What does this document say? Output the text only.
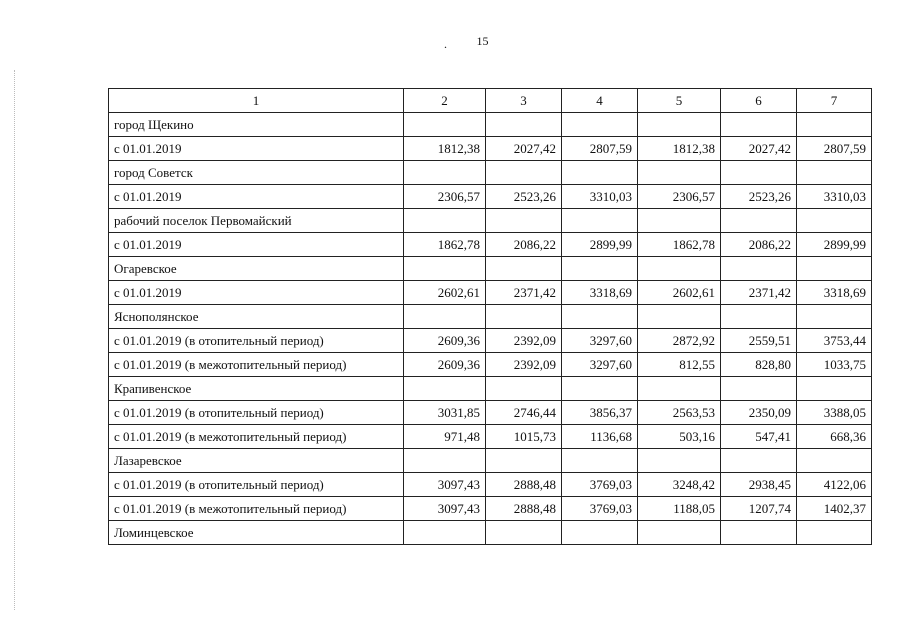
. 15
1	2	3	4	5	6	7
город Щекино						
с 01.01.2019	1812,38	2027,42	2807,59	1812,38	2027,42	2807,59
город Советск						
с 01.01.2019	2306,57	2523,26	3310,03	2306,57	2523,26	3310,03
рабочий поселок Первомайский						
с 01.01.2019	1862,78	2086,22	2899,99	1862,78	2086,22	2899,99
Огаревское						
с 01.01.2019	2602,61	2371,42	3318,69	2602,61	2371,42	3318,69
Яснополянское						
с 01.01.2019 (в отопительный период)	2609,36	2392,09	3297,60	2872,92	2559,51	3753,44
с 01.01.2019 (в межотопительный период)	2609,36	2392,09	3297,60	812,55	828,80	1033,75
Крапивенское						
с 01.01.2019 (в отопительный период)	3031,85	2746,44	3856,37	2563,53	2350,09	3388,05
с 01.01.2019 (в межотопительный период)	971,48	1015,73	1136,68	503,16	547,41	668,36
Лазаревское						
с 01.01.2019 (в отопительный период)	3097,43	2888,48	3769,03	3248,42	2938,45	4122,06
с 01.01.2019 (в межотопительный период)	3097,43	2888,48	3769,03	1188,05	1207,74	1402,37
Ломинцевское						
